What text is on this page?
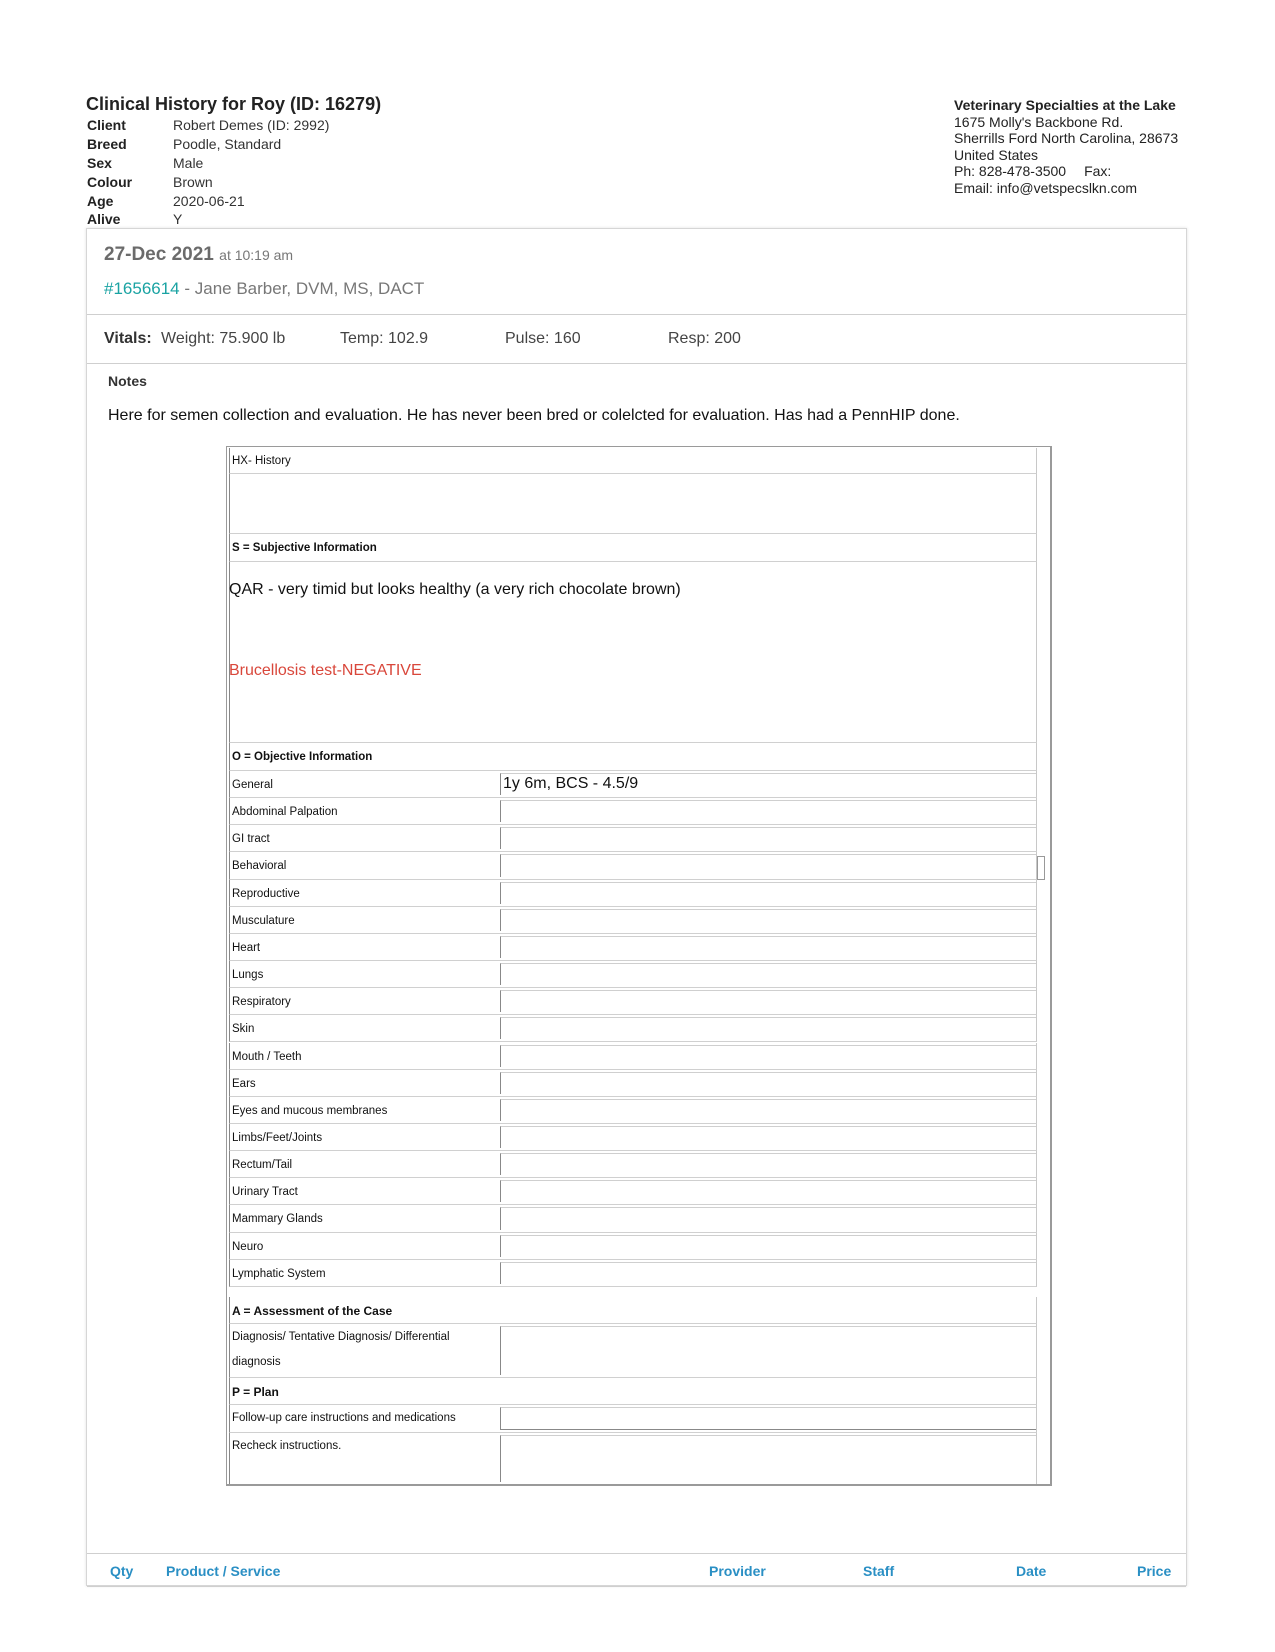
Clinical History for Roy (ID: 16279)
Client	Robert Demes (ID: 2992)
Breed	Poodle, Standard
Sex	Male
Colour	Brown
Age	2020-06-21
Alive	Y
Veterinary Specialties at the Lake
1675 Molly's Backbone Rd.
Sherrills Ford North Carolina, 28673
United States
Ph: 828-478-3500 Fax:
Email: info@vetspecslkn.com
27-Dec 2021 at 10:19 am
#1656614 - Jane Barber, DVM, MS, DACT
Vitals: Weight: 75.900 lb	Temp: 102.9	Pulse: 160	Resp: 200
Notes
Here for semen collection and evaluation. He has never been bred or colelcted for evaluation. Has had a PennHIP done.
HX- History
S = Subjective Information
QAR - very timid but looks healthy (a very rich chocolate brown)
Brucellosis test-NEGATIVE
O = Objective Information
General	1y 6m, BCS - 4.5/9
Abdominal Palpation
GI tract
Behavioral
Reproductive
Musculature
Heart
Lungs
Respiratory
Skin
Mouth / Teeth
Ears
Eyes and mucous membranes
Limbs/Feet/Joints
Rectum/Tail
Urinary Tract
Mammary Glands
Neuro
Lymphatic System
A = Assessment of the Case
Diagnosis/ Tentative Diagnosis/ Differential
diagnosis
P = Plan
Follow-up care instructions and medications
Recheck instructions.
Qty Product / Service	Provider	Staff	Date	Price
